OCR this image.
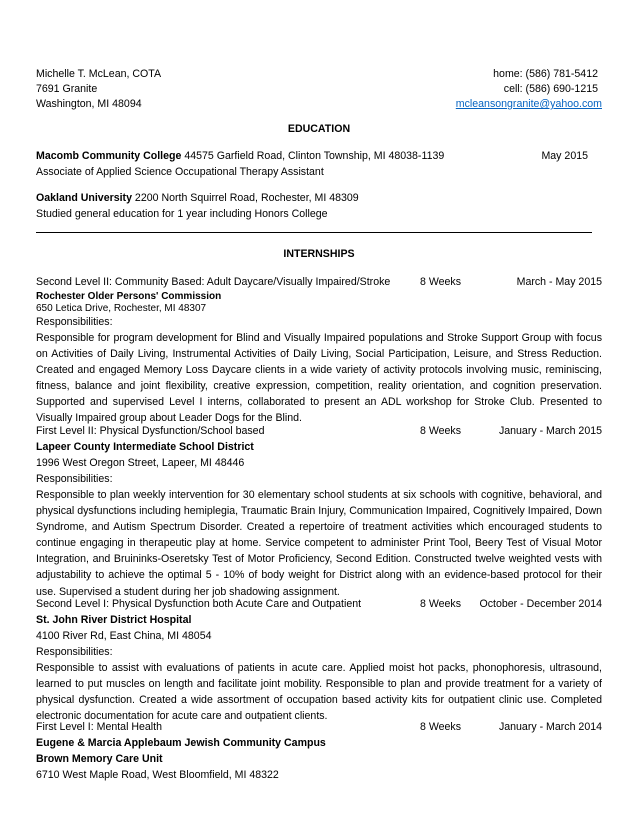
Michelle T. McLean, COTA	home: (586) 781-5412
7691 Granite	cell: (586) 690-1215
Washington, MI 48094	mcleansongranite@yahoo.com
EDUCATION
Macomb Community College 44575 Garfield Road, Clinton Township, MI 48038-1139	May 2015
Associate of Applied Science Occupational Therapy Assistant
Oakland University 2200 North Squirrel Road, Rochester, MI 48309
Studied general education for 1 year including Honors College
INTERNSHIPS
Second Level II: Community Based: Adult Daycare/Visually Impaired/Stroke	8 Weeks	March - May 2015
Rochester Older Persons' Commission
650 Letica Drive, Rochester, MI 48307
Responsibilities:

Responsible for program development for Blind and Visually Impaired populations and Stroke Support Group with focus on Activities of Daily Living, Instrumental Activities of Daily Living, Social Participation, Leisure, and Stress Reduction. Created and engaged Memory Loss Daycare clients in a wide variety of activity protocols involving music, reminiscing, fitness, balance and joint flexibility, creative expression, competition, reality orientation, and cognition preservation. Supported and supervised Level I interns, collaborated to present an ADL workshop for Stroke Club. Presented to Visually Impaired group about Leader Dogs for the Blind.

First Level II: Physical Dysfunction/School based	8 Weeks	January - March 2015
Lapeer County Intermediate School District
1996 West Oregon Street, Lapeer, MI 48446
Responsibilities:

Responsible to plan weekly intervention for 30 elementary school students at six schools with cognitive, behavioral, and physical dysfunctions including hemiplegia, Traumatic Brain Injury, Communication Impaired, Cognitively Impaired, Down Syndrome, and Autism Spectrum Disorder. Created a repertoire of treatment activities which encouraged students to continue engaging in therapeutic play at home. Service competent to administer Print Tool, Beery Test of Visual Motor Integration, and Bruininks-Oseretsky Test of Motor Proficiency, Second Edition. Constructed twelve weighted vests with adjustability to achieve the optimal 5 - 10% of body weight for District along with an evidence-based protocol for their use. Supervised a student during her job shadowing assignment.

Second Level I: Physical Dysfunction both Acute Care and Outpatient	8 Weeks October - December 2014
St. John River District Hospital
4100 River Rd, East China, MI 48054
Responsibilities:

Responsible to assist with evaluations of patients in acute care. Applied moist hot packs, phonophoresis, ultrasound, learned to put muscles on length and facilitate joint mobility. Responsible to plan and provide treatment for a variety of physical dysfunction. Created a wide assortment of occupation based activity kits for outpatient clinic use. Completed electronic documentation for acute care and outpatient clients.

First Level I: Mental Health	8 Weeks	January - March 2014
Eugene & Marcia Applebaum Jewish Community Campus
Brown Memory Care Unit
6710 West Maple Road, West Bloomfield, MI 48322
